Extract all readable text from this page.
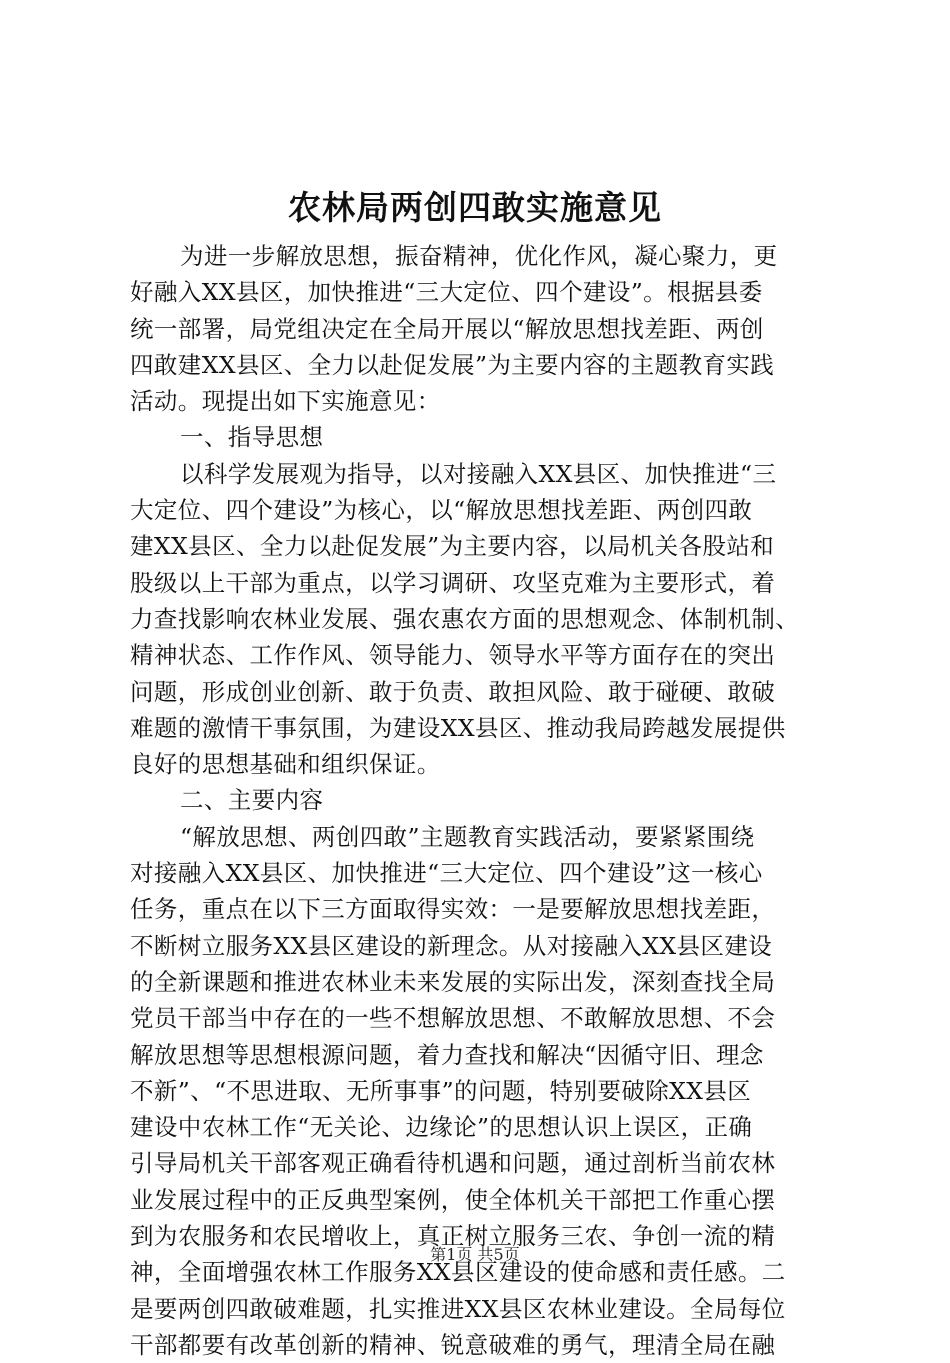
农林局两创四敢实施意见
为进一步解放思想，振奋精神，优化作风，凝心聚力，更
好融入XX县区，加快推进“三大定位、四个建设”。根据县委
统一部署，局党组决定在全局开展以“解放思想找差距、两创
四敢建XX县区、全力以赴促发展”为主要内容的主题教育实践
活动。现提出如下实施意见：
一、指导思想
以科学发展观为指导，以对接融入XX县区、加快推进“三
大定位、四个建设”为核心，以“解放思想找差距、两创四敢
建XX县区、全力以赴促发展”为主要内容，以局机关各股站和
股级以上干部为重点，以学习调研、攻坚克难为主要形式，着
力查找影响农林业发展、强农惠农方面的思想观念、体制机制、
精神状态、工作作风、领导能力、领导水平等方面存在的突出
问题，形成创业创新、敢于负责、敢担风险、敢于碰硬、敢破
难题的激情干事氛围，为建设XX县区、推动我局跨越发展提供
良好的思想基础和组织保证。
二、主要内容
“解放思想、两创四敢”主题教育实践活动，要紧紧围绕
对接融入XX县区、加快推进“三大定位、四个建设”这一核心
任务，重点在以下三方面取得实效：一是要解放思想找差距，
不断树立服务XX县区建设的新理念。从对接融入XX县区建设
的全新课题和推进农林业未来发展的实际出发，深刻查找全局
党员干部当中存在的一些不想解放思想、不敢解放思想、不会
解放思想等思想根源问题，着力查找和解决“因循守旧、理念
不新”、“不思进取、无所事事”的问题，特别要破除XX县区
建设中农林工作“无关论、边缘论”的思想认识上误区，正确
引导局机关干部客观正确看待机遇和问题，通过剖析当前农林
业发展过程中的正反典型案例，使全体机关干部把工作重心摆
到为农服务和农民增收上，真正树立服务三农、争创一流的精
神，全面增强农林工作服务XX县区建设的使命感和责任感。二
是要两创四敢破难题，扎实推进XX县区农林业建设。全局每位
干部都要有改革创新的精神、锐意破难的勇气，理清全局在融
第1页 共5页
